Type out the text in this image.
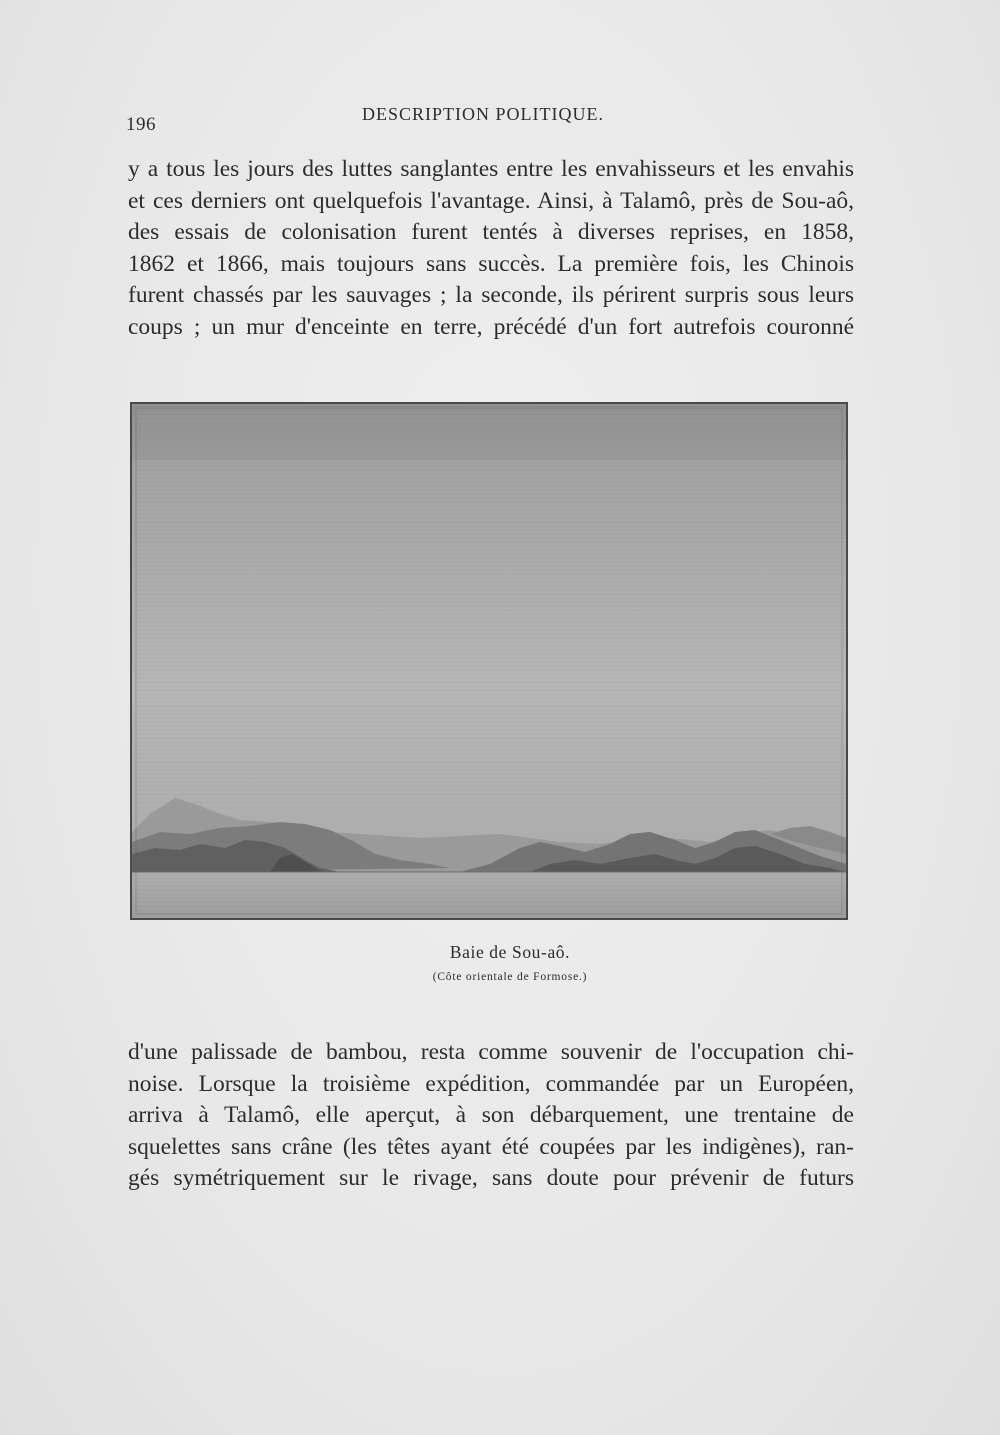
196	DESCRIPTION POLITIQUE.
y a tous les jours des luttes sanglantes entre les envahisseurs et les envahis
et ces derniers ont quelquefois l'avantage. Ainsi, à Talamô, près de Sou-aô,
des essais de colonisation furent tentés à diverses reprises, en 1858,
1862 et 1866, mais toujours sans succès. La première fois, les Chinois
furent chassés par les sauvages ; la seconde, ils périrent surpris sous leurs
coups ; un mur d'enceinte en terre, précédé d'un fort autrefois couronné
Baie de Sou-aô.
(Côte orientale de Formose.)
d'une palissade de bambou, resta comme souvenir de l'occupation chi-
noise. Lorsque la troisième expédition, commandée par un Européen,
arriva à Talamô, elle aperçut, à son débarquement, une trentaine de
squelettes sans crâne (les têtes ayant été coupées par les indigènes), ran-
gés symétriquement sur le rivage, sans doute pour prévenir de futurs
